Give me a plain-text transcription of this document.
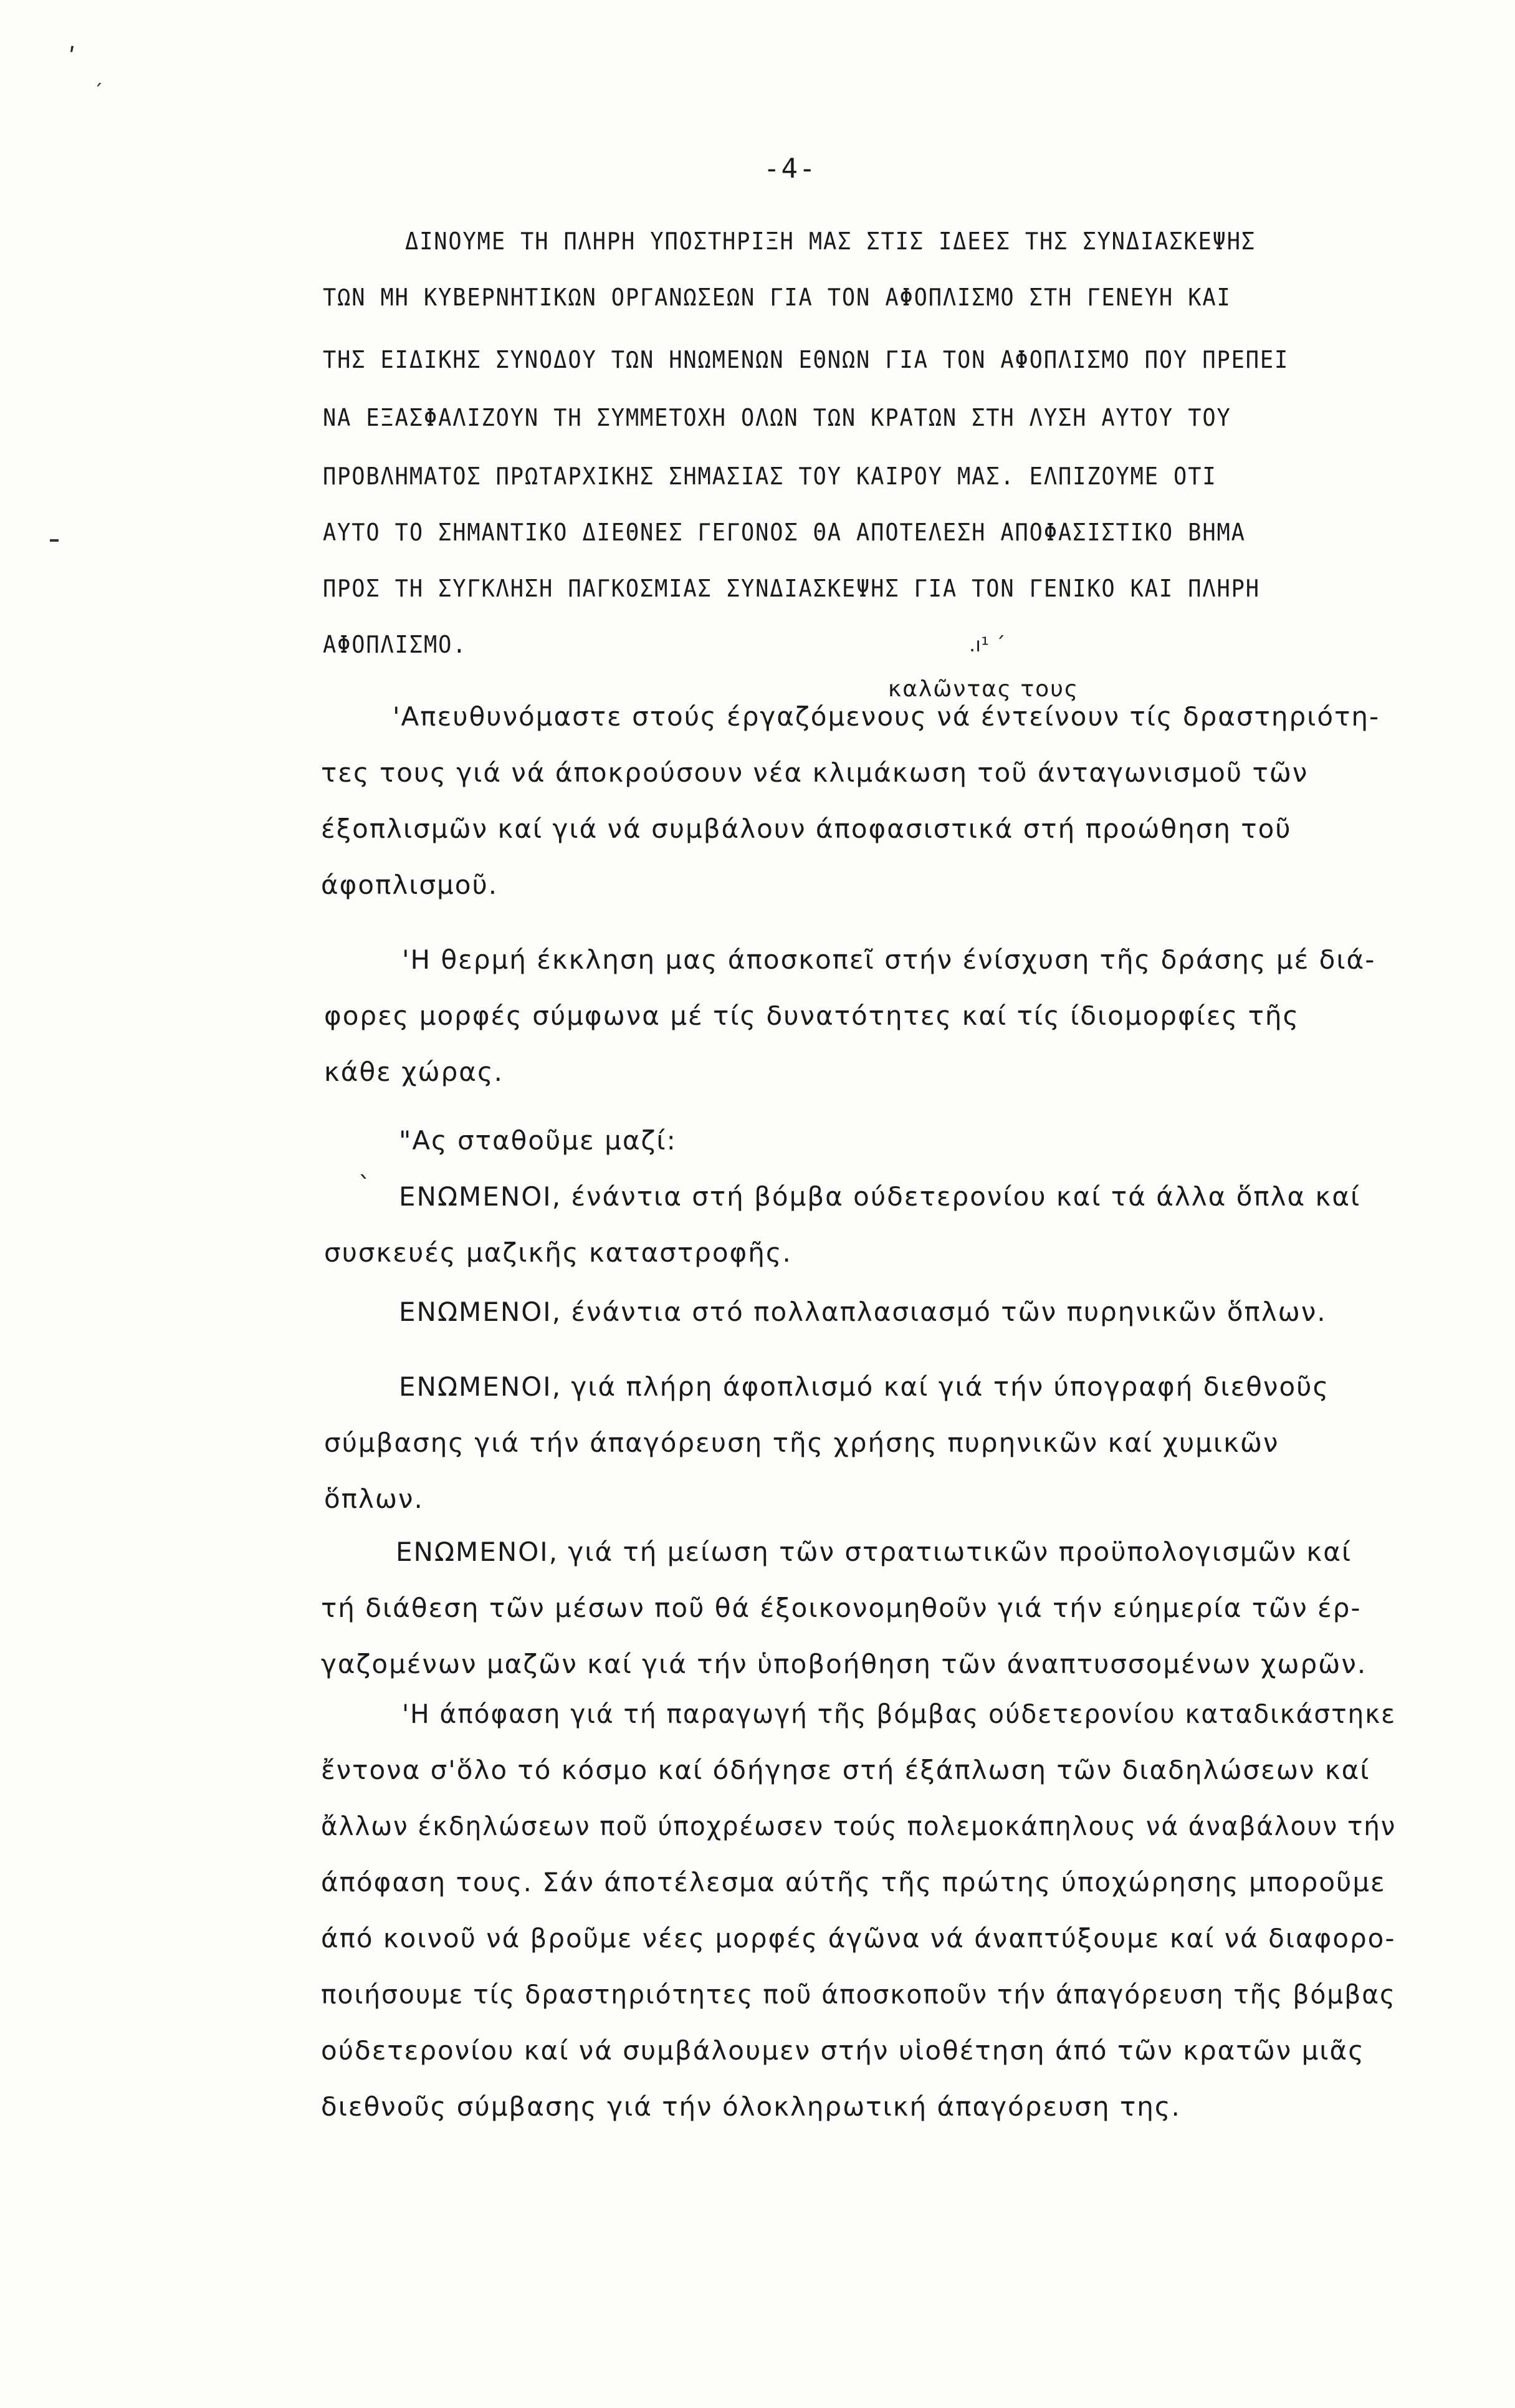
ʹ
ˊ
.ı¹ ˊ
-4-
ΔΙΝΟΥΜΕ ΤΗ ΠΛΗΡΗ ΥΠΟΣΤΗΡΙΞΗ ΜΑΣ ΣΤΙΣ ΙΔΕΕΣ ΤΗΣ ΣΥΝΔΙΑΣΚΕΨΗΣ
ΤΩΝ ΜΗ ΚΥΒΕΡΝΗΤΙΚΩΝ ΟΡΓΑΝΩΣΕΩΝ ΓΙΑ ΤΟΝ ΑΦΟΠΛΙΣΜΟ ΣΤΗ ΓΕΝΕΥΗ ΚΑΙ
ΤΗΣ ΕΙΔΙΚΗΣ ΣΥΝΟΔΟΥ ΤΩΝ ΗΝΩΜΕΝΩΝ ΕΘΝΩΝ ΓΙΑ ΤΟΝ ΑΦΟΠΛΙΣΜΟ ΠΟΥ ΠΡΕΠΕΙ
ΝΑ ΕΞΑΣΦΑΛΙΖΟΥΝ ΤΗ ΣΥΜΜΕΤΟΧΗ ΟΛΩΝ ΤΩΝ ΚΡΑΤΩΝ ΣΤΗ ΛΥΣΗ ΑΥΤΟΥ ΤΟΥ
ΠΡΟΒΛΗΜΑΤΟΣ ΠΡΩΤΑΡΧΙΚΗΣ ΣΗΜΑΣΙΑΣ ΤΟΥ ΚΑΙΡΟΥ ΜΑΣ. ΕΛΠΙΖΟΥΜΕ ΟΤΙ
ΑΥΤΟ ΤΟ ΣΗΜΑΝΤΙΚΟ ΔΙΕΘΝΕΣ ΓΕΓΟΝΟΣ ΘΑ ΑΠΟΤΕΛΕΣΗ ΑΠΟΦΑΣΙΣΤΙΚΟ ΒΗΜΑ
ΠΡΟΣ ΤΗ ΣΥΓΚΛΗΣΗ ΠΑΓΚΟΣΜΙΑΣ ΣΥΝΔΙΑΣΚΕΨΗΣ ΓΙΑ ΤΟΝ ΓΕΝΙΚΟ ΚΑΙ ΠΛΗΡΗ
ΑΦΟΠΛΙΣΜΟ.
καλῶντας τους
'Απευθυνόμαστε στούς έργαζόμενους νά έντείνουν τίς δραστηριότη-
τες τους γιά νά άποκρούσουν νέα κλιμάκωση τοῦ άνταγωνισμοῦ τῶν
έξοπλισμῶν καί γιά νά συμβάλουν άποφασιστικά στή προώθηση τοῦ
άφοπλισμοῦ.
'Η θερμή έκκληση μας άποσκοπεῖ στήν ένίσχυση τῆς δράσης μέ διά-
φορες μορφές σύμφωνα μέ τίς δυνατότητες καί τίς ίδιομορφίες τῆς
κάθε χώρας.
"Ας σταθοῦμε μαζί:
` ΕΝΩΜΕΝΟΙ, ένάντια στή βόμβα ούδετερονίου καί τά άλλα ὅπλα καί
συσκευές μαζικῆς καταστροφῆς.
ΕΝΩΜΕΝΟΙ, ένάντια στό πολλαπλασιασμό τῶν πυρηνικῶν ὅπλων.
ΕΝΩΜΕΝΟΙ, γιά πλήρη άφοπλισμό καί γιά τήν ύπογραφή διεθνοῦς
σύμβασης γιά τήν άπαγόρευση τῆς χρήσης πυρηνικῶν καί χυμικῶν
ὅπλων.
ΕΝΩΜΕΝΟΙ, γιά τή μείωση τῶν στρατιωτικῶν προϋπολογισμῶν καί
τή διάθεση τῶν μέσων ποῦ θά έξοικονομηθοῦν γιά τήν εύημερία τῶν έρ-
γαζομένων μαζῶν καί γιά τήν ὑποβοήθηση τῶν άναπτυσσομένων χωρῶν.
'Η άπόφαση γιά τή παραγωγή τῆς βόμβας ούδετερονίου καταδικάστηκε
ἔντονα σ'ὅλο τό κόσμο καί όδήγησε στή έξάπλωση τῶν διαδηλώσεων καί
ἄλλων έκδηλώσεων ποῦ ύποχρέωσεν τούς πολεμοκάπηλους νά άναβάλουν τήν
άπόφαση τους. Σάν άποτέλεσμα αύτῆς τῆς πρώτης ύποχώρησης μποροῦμε
άπό κοινοῦ νά βροῦμε νέες μορφές άγῶνα νά άναπτύξουμε καί νά διαφορο-
ποιήσουμε τίς δραστηριότητες ποῦ άποσκοποῦν τήν άπαγόρευση τῆς βόμβας
ούδετερονίου καί νά συμβάλουμεν στήν υἱοθέτηση άπό τῶν κρατῶν μιᾶς
διεθνοῦς σύμβασης γιά τήν όλοκληρωτική άπαγόρευση της.
